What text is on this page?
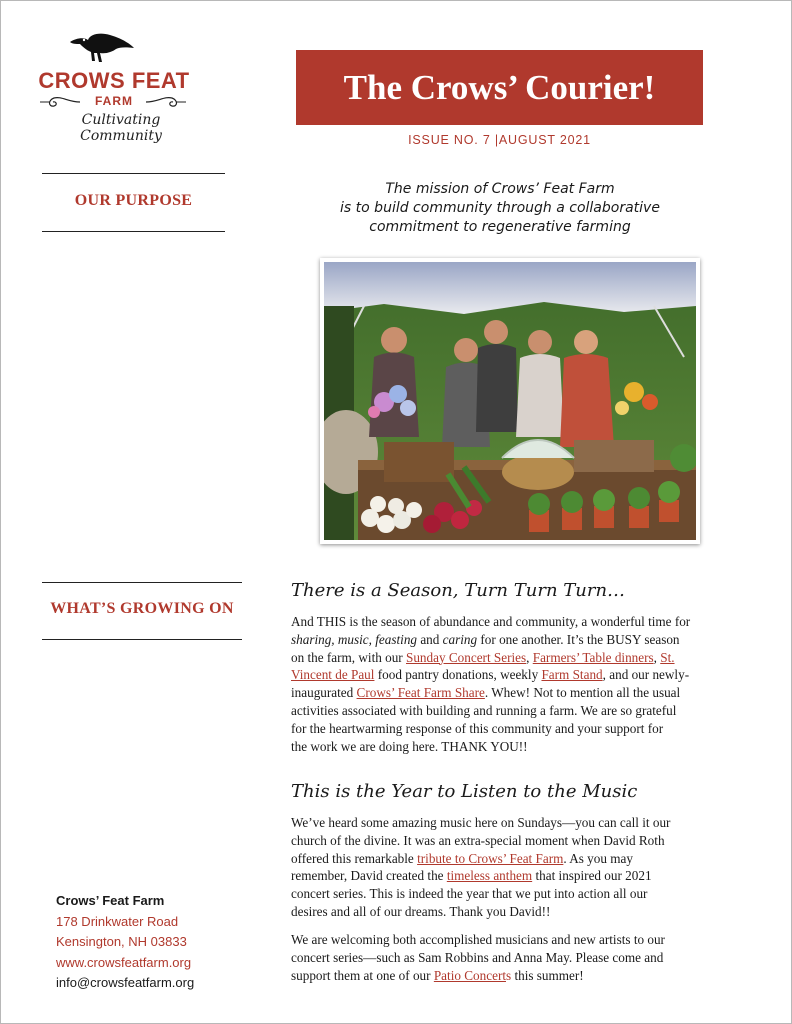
CROWS FEAT
FARM
Cultivating Community
The Crows’ Courier!
ISSUE NO. 7 |AUGUST 2021
OUR PURPOSE
The mission of Crows’ Feat Farm
is to build community through a collaborative
commitment to regenerative farming
WHAT’S GROWING ON
There is a Season, Turn Turn Turn…
And THIS is the season of abundance and community, a wonderful time for
sharing, music, feasting and caring for one another. It’s the BUSY season
on the farm, with our Sunday Concert Series, Farmers’ Table dinners, St.
Vincent de Paul food pantry donations, weekly Farm Stand, and our newly-
inaugurated Crows’ Feat Farm Share. Whew! Not to mention all the usual
activities associated with building and running a farm. We are so grateful
for the heartwarming response of this community and your support for
the work we are doing here. THANK YOU!!
This is the Year to Listen to the Music
We’ve heard some amazing music here on Sundays—you can call it our
church of the divine. It was an extra-special moment when David Roth
offered this remarkable tribute to Crows’ Feat Farm. As you may
remember, David created the timeless anthem that inspired our 2021
concert series. This is indeed the year that we put into action all our
desires and all of our dreams. Thank you David!!
We are welcoming both accomplished musicians and new artists to our
concert series—such as Sam Robbins and Anna May. Please come and
support them at one of our Patio Concerts this summer!
Crows’ Feat Farm
178 Drinkwater Road
Kensington, NH 03833
www.crowsfeatfarm.org
info@crowsfeatfarm.org
